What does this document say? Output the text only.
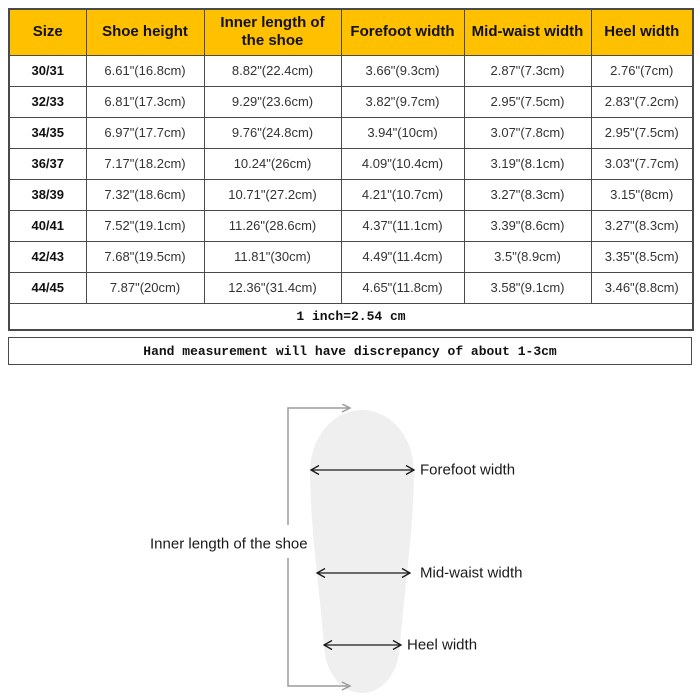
Size	Shoe height	Inner length of the shoe	Forefoot width	Mid-waist width	Heel width
30/31	6.61"(16.8cm)	8.82"(22.4cm)	3.66"(9.3cm)	2.87"(7.3cm)	2.76"(7cm)
32/33	6.81"(17.3cm)	9.29"(23.6cm)	3.82"(9.7cm)	2.95"(7.5cm)	2.83"(7.2cm)
34/35	6.97"(17.7cm)	9.76"(24.8cm)	3.94"(10cm)	3.07"(7.8cm)	2.95"(7.5cm)
36/37	7.17"(18.2cm)	10.24"(26cm)	4.09"(10.4cm)	3.19"(8.1cm)	3.03"(7.7cm)
38/39	7.32"(18.6cm)	10.71"(27.2cm)	4.21"(10.7cm)	3.27"(8.3cm)	3.15"(8cm)
40/41	7.52"(19.1cm)	11.26"(28.6cm)	4.37"(11.1cm)	3.39"(8.6cm)	3.27"(8.3cm)
42/43	7.68"(19.5cm)	11.81"(30cm)	4.49"(11.4cm)	3.5"(8.9cm)	3.35"(8.5cm)
44/45	7.87"(20cm)	12.36"(31.4cm)	4.65"(11.8cm)	3.58"(9.1cm)	3.46"(8.8cm)
1 inch=2.54 cm					
Hand measurement will have discrepancy of about 1-3cm
Inner length of the shoe
Forefoot width
Mid-waist width
Heel width
